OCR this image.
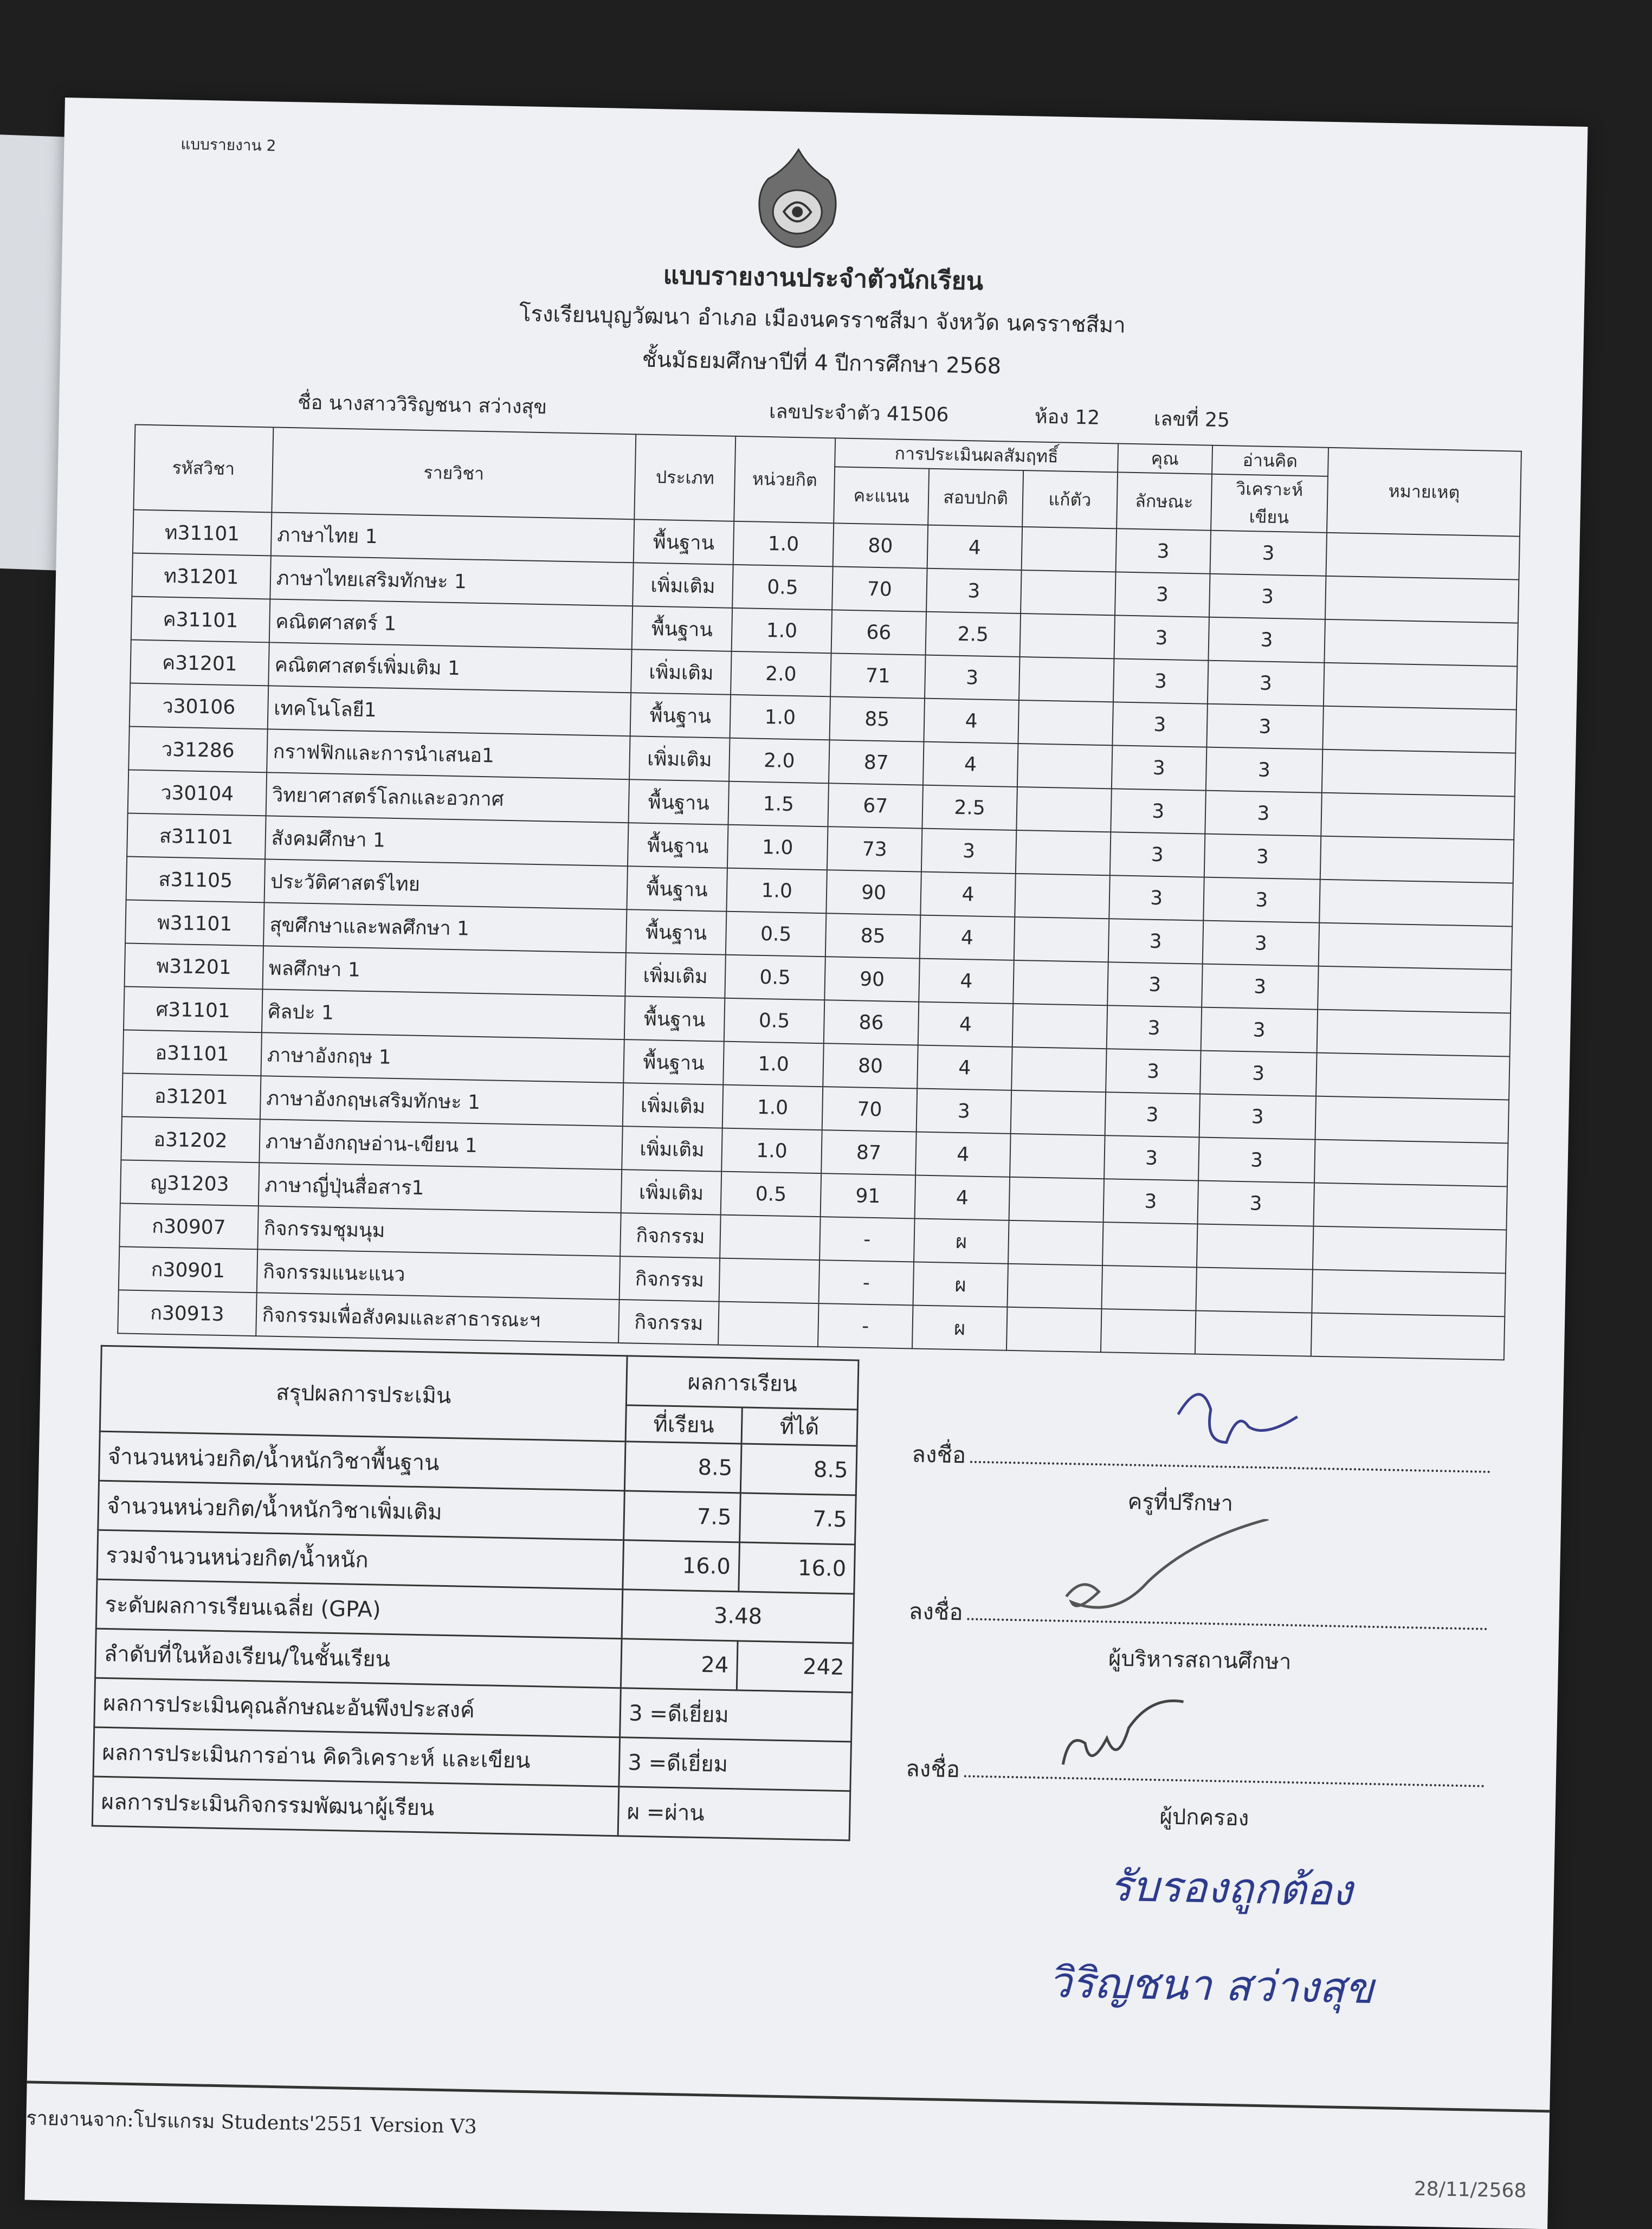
แบบรายงาน 2
แบบรายงานประจำตัวนักเรียน
โรงเรียนบุญวัฒนา อำเภอ เมืองนครราชสีมา จังหวัด นครราชสีมา
ชั้นมัธยมศึกษาปีที่ 4 ปีการศึกษา 2568
ชื่อ นางสาววิริญชนา สว่างสุข	เลขประจำตัว 41506	ห้อง 12	เลขที่ 25
รหัสวิชา	รายวิชา	ประเภท	หน่วยกิต	การประเมินผลสัมฤทธิ์			คุณ	อ่านคิด	หมายเหตุ
				คะแนน	สอบปกติ	แก้ตัว	ลักษณะ	วิเคราะห์เขียน	
ท31101	ภาษาไทย 1	พื้นฐาน	1.0	80	4		3	3	
ท31201	ภาษาไทยเสริมทักษะ 1	เพิ่มเติม	0.5	70	3		3	3	
ค31101	คณิตศาสตร์ 1	พื้นฐาน	1.0	66	2.5		3	3	
ค31201	คณิตศาสตร์เพิ่มเติม 1	เพิ่มเติม	2.0	71	3		3	3	
ว30106	เทคโนโลยี1	พื้นฐาน	1.0	85	4		3	3	
ว31286	กราฟฟิกและการนำเสนอ1	เพิ่มเติม	2.0	87	4		3	3	
ว30104	วิทยาศาสตร์โลกและอวกาศ	พื้นฐาน	1.5	67	2.5		3	3	
ส31101	สังคมศึกษา 1	พื้นฐาน	1.0	73	3		3	3	
ส31105	ประวัติศาสตร์ไทย	พื้นฐาน	1.0	90	4		3	3	
พ31101	สุขศึกษาและพลศึกษา 1	พื้นฐาน	0.5	85	4		3	3	
พ31201	พลศึกษา 1	เพิ่มเติม	0.5	90	4		3	3	
ศ31101	ศิลปะ 1	พื้นฐาน	0.5	86	4		3	3	
อ31101	ภาษาอังกฤษ 1	พื้นฐาน	1.0	80	4		3	3	
อ31201	ภาษาอังกฤษเสริมทักษะ 1	เพิ่มเติม	1.0	70	3		3	3	
อ31202	ภาษาอังกฤษอ่าน-เขียน 1	เพิ่มเติม	1.0	87	4		3	3	
ญ31203	ภาษาญี่ปุ่นสื่อสาร1	เพิ่มเติม	0.5	91	4		3	3	
ก30907	กิจกรรมชุมนุม	กิจกรรม		-	ผ				
ก30901	กิจกรรมแนะแนว	กิจกรรม		-	ผ				
ก30913	กิจกรรมเพื่อสังคมและสาธารณะฯ	กิจกรรม		-	ผ				
สรุปผลการประเมิน	ผลการเรียน	
	ที่เรียน	ที่ได้
จำนวนหน่วยกิต/น้ำหนักวิชาพื้นฐาน	8.5	8.5
จำนวนหน่วยกิต/น้ำหนักวิชาเพิ่มเติม	7.5	7.5
รวมจำนวนหน่วยกิต/น้ำหนัก	16.0	16.0
ระดับผลการเรียนเฉลี่ย (GPA)	3.48	
ลำดับที่ในห้องเรียน/ในชั้นเรียน	24	242
ผลการประเมินคุณลักษณะอันพึงประสงค์	3 =ดีเยี่ยม	
ผลการประเมินการอ่าน คิดวิเคราะห์ และเขียน	3 =ดีเยี่ยม	
ผลการประเมินกิจกรรมพัฒนาผู้เรียน	ผ =ผ่าน	
ลงชื่อ
ครูที่ปรึกษา
ลงชื่อ
ผู้บริหารสถานศึกษา
ลงชื่อ
ผู้ปกครอง
รับรองถูกต้อง
วิริญชนา สว่างสุข
รายงานจาก:โปรแกรม Students'2551 Version V3
28/11/2568
